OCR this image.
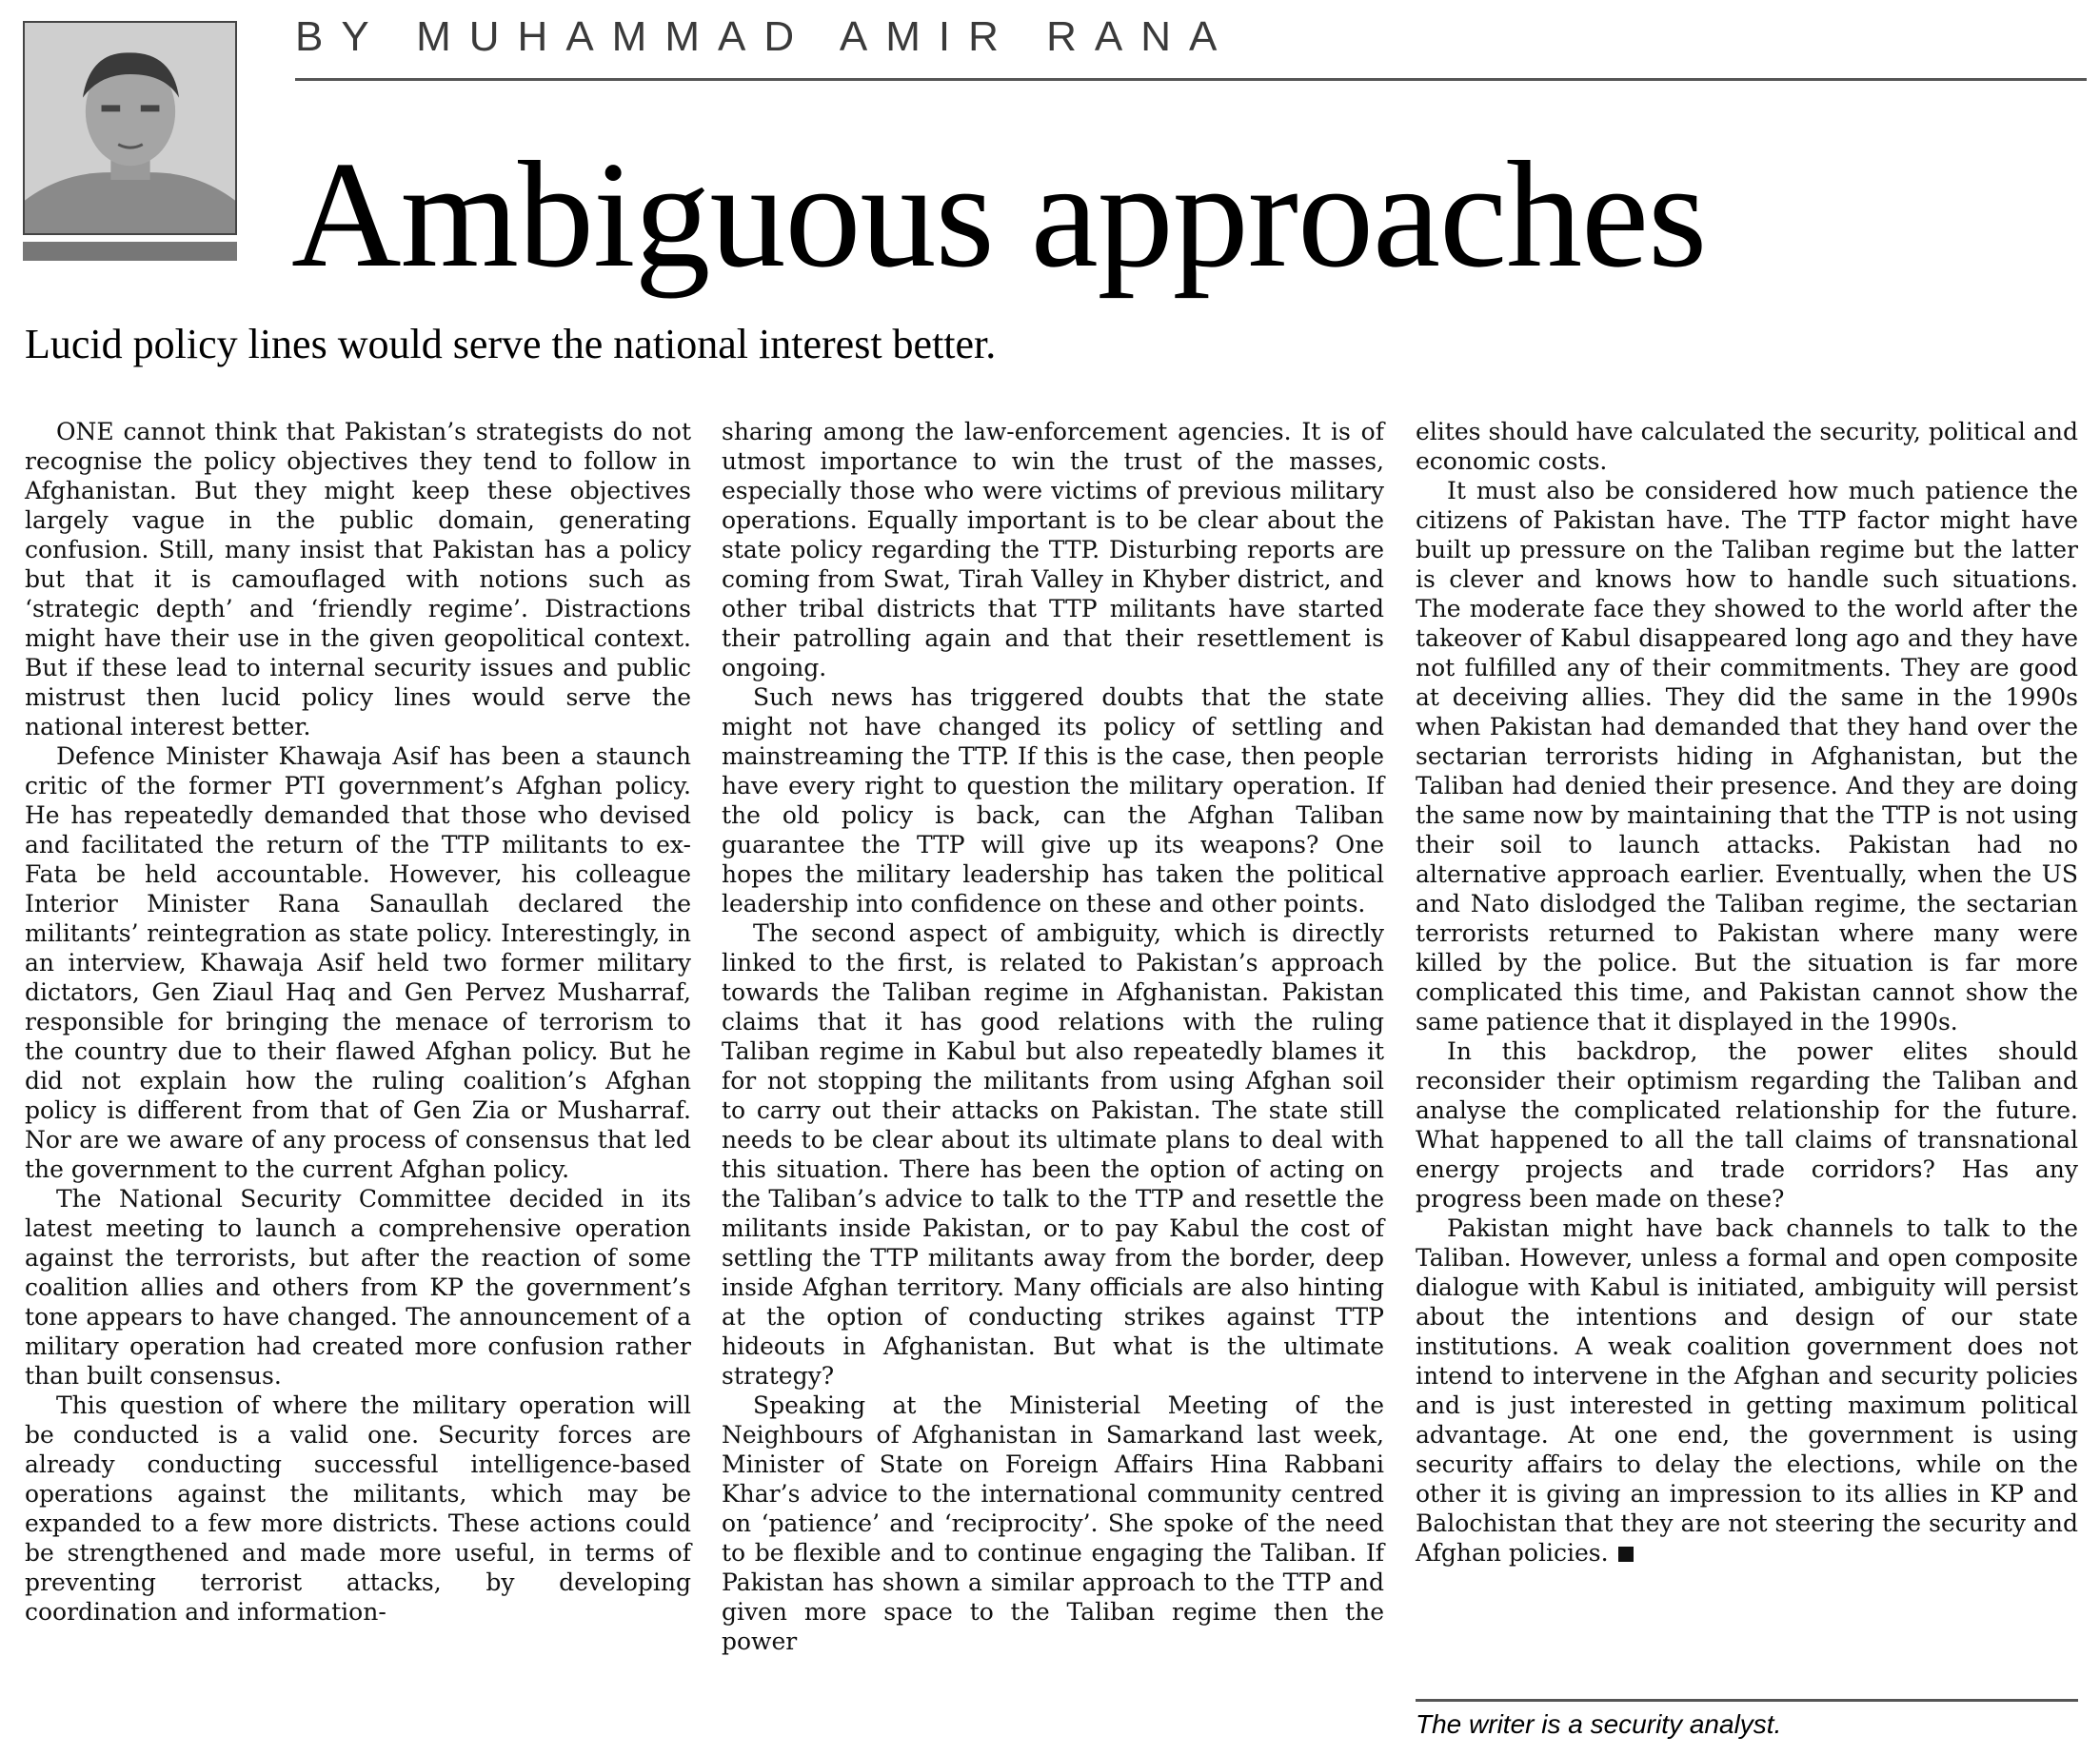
BY MUHAMMAD AMIR RANA
Ambiguous approaches
Lucid policy lines would serve the national interest better.

ONE cannot think that Pakistan’s strategists do not recognise the policy objectives they tend to follow in Afghanistan. But they might keep these objectives largely vague in the public domain, generating confusion. Still, many insist that Pakistan has a policy but that it is camouflaged with notions such as ‘strategic depth’ and ‘friendly regime’. Distractions might have their use in the given geopolitical context. But if these lead to internal security issues and public mistrust then lucid policy lines would serve the national interest better.

Defence Minister Khawaja Asif has been a staunch critic of the former PTI government’s Afghan policy. He has repeatedly demanded that those who devised and facilitated the return of the TTP militants to ex-Fata be held accountable. However, his colleague Interior Minister Rana Sanaullah declared the militants’ reintegration as state policy. Interestingly, in an interview, Khawaja Asif held two former military dictators, Gen Ziaul Haq and Gen Pervez Musharraf, responsible for bringing the menace of terrorism to the country due to their flawed Afghan policy. But he did not explain how the ruling coalition’s Afghan policy is different from that of Gen Zia or Musharraf. Nor are we aware of any process of consensus that led the government to the current Afghan policy.

The National Security Committee decided in its latest meeting to launch a comprehensive operation against the terrorists, but after the reaction of some coalition allies and others from KP the government’s tone appears to have changed. The announcement of a military operation had created more confusion rather than built consensus.

This question of where the military operation will be conducted is a valid one. Security forces are already conducting successful intelligence-based operations against the militants, which may be expanded to a few more districts. These actions could be strengthened and made more useful, in terms of preventing terrorist attacks, by developing coordination and information-

sharing among the law-enforcement agencies. It is of utmost importance to win the trust of the masses, especially those who were victims of previous military operations. Equally important is to be clear about the state policy regarding the TTP. Disturbing reports are coming from Swat, Tirah Valley in Khyber district, and other tribal districts that TTP militants have started their patrolling again and that their resettlement is ongoing.

Such news has triggered doubts that the state might not have changed its policy of settling and mainstreaming the TTP. If this is the case, then people have every right to question the military operation. If the old policy is back, can the Afghan Taliban guarantee the TTP will give up its weapons? One hopes the military leadership has taken the political leadership into confidence on these and other points.

The second aspect of ambiguity, which is directly linked to the first, is related to Pakistan’s approach towards the Taliban regime in Afghanistan. Pakistan claims that it has good relations with the ruling Taliban regime in Kabul but also repeatedly blames it for not stopping the militants from using Afghan soil to carry out their attacks on Pakistan. The state still needs to be clear about its ultimate plans to deal with this situation. There has been the option of acting on the Taliban’s advice to talk to the TTP and resettle the militants inside Pakistan, or to pay Kabul the cost of settling the TTP militants away from the border, deep inside Afghan territory. Many officials are also hinting at the option of conducting strikes against TTP hideouts in Afghanistan. But what is the ultimate strategy?

Speaking at the Ministerial Meeting of the Neighbours of Afghanistan in Samarkand last week, Minister of State on Foreign Affairs Hina Rabbani Khar’s advice to the international community centred on ‘patience’ and ‘reciprocity’. She spoke of the need to be flexible and to continue engaging the Taliban. If Pakistan has shown a similar approach to the TTP and given more space to the Taliban regime then the power

elites should have calculated the security, political and economic costs.

It must also be considered how much patience the citizens of Pakistan have. The TTP factor might have built up pressure on the Taliban regime but the latter is clever and knows how to handle such situations. The moderate face they showed to the world after the takeover of Kabul disappeared long ago and they have not fulfilled any of their commitments. They are good at deceiving allies. They did the same in the 1990s when Pakistan had demanded that they hand over the sectarian terrorists hiding in Afghanistan, but the Taliban had denied their presence. And they are doing the same now by maintaining that the TTP is not using their soil to launch attacks. Pakistan had no alternative approach earlier. Eventually, when the US and Nato dislodged the Taliban regime, the sectarian terrorists returned to Pakistan where many were killed by the police. But the situation is far more complicated this time, and Pakistan cannot show the same patience that it displayed in the 1990s.

In this backdrop, the power elites should reconsider their optimism regarding the Taliban and analyse the complicated relationship for the future. What happened to all the tall claims of transnational energy projects and trade corridors? Has any progress been made on these?

Pakistan might have back channels to talk to the Taliban. However, unless a formal and open composite dialogue with Kabul is initiated, ambiguity will persist about the intentions and design of our state institutions. A weak coalition government does not intend to intervene in the Afghan and security policies and is just interested in getting maximum political advantage. At one end, the government is using security affairs to delay the elections, while on the other it is giving an impression to its allies in KP and Balochistan that they are not steering the security and Afghan policies.

The writer is a security analyst.
